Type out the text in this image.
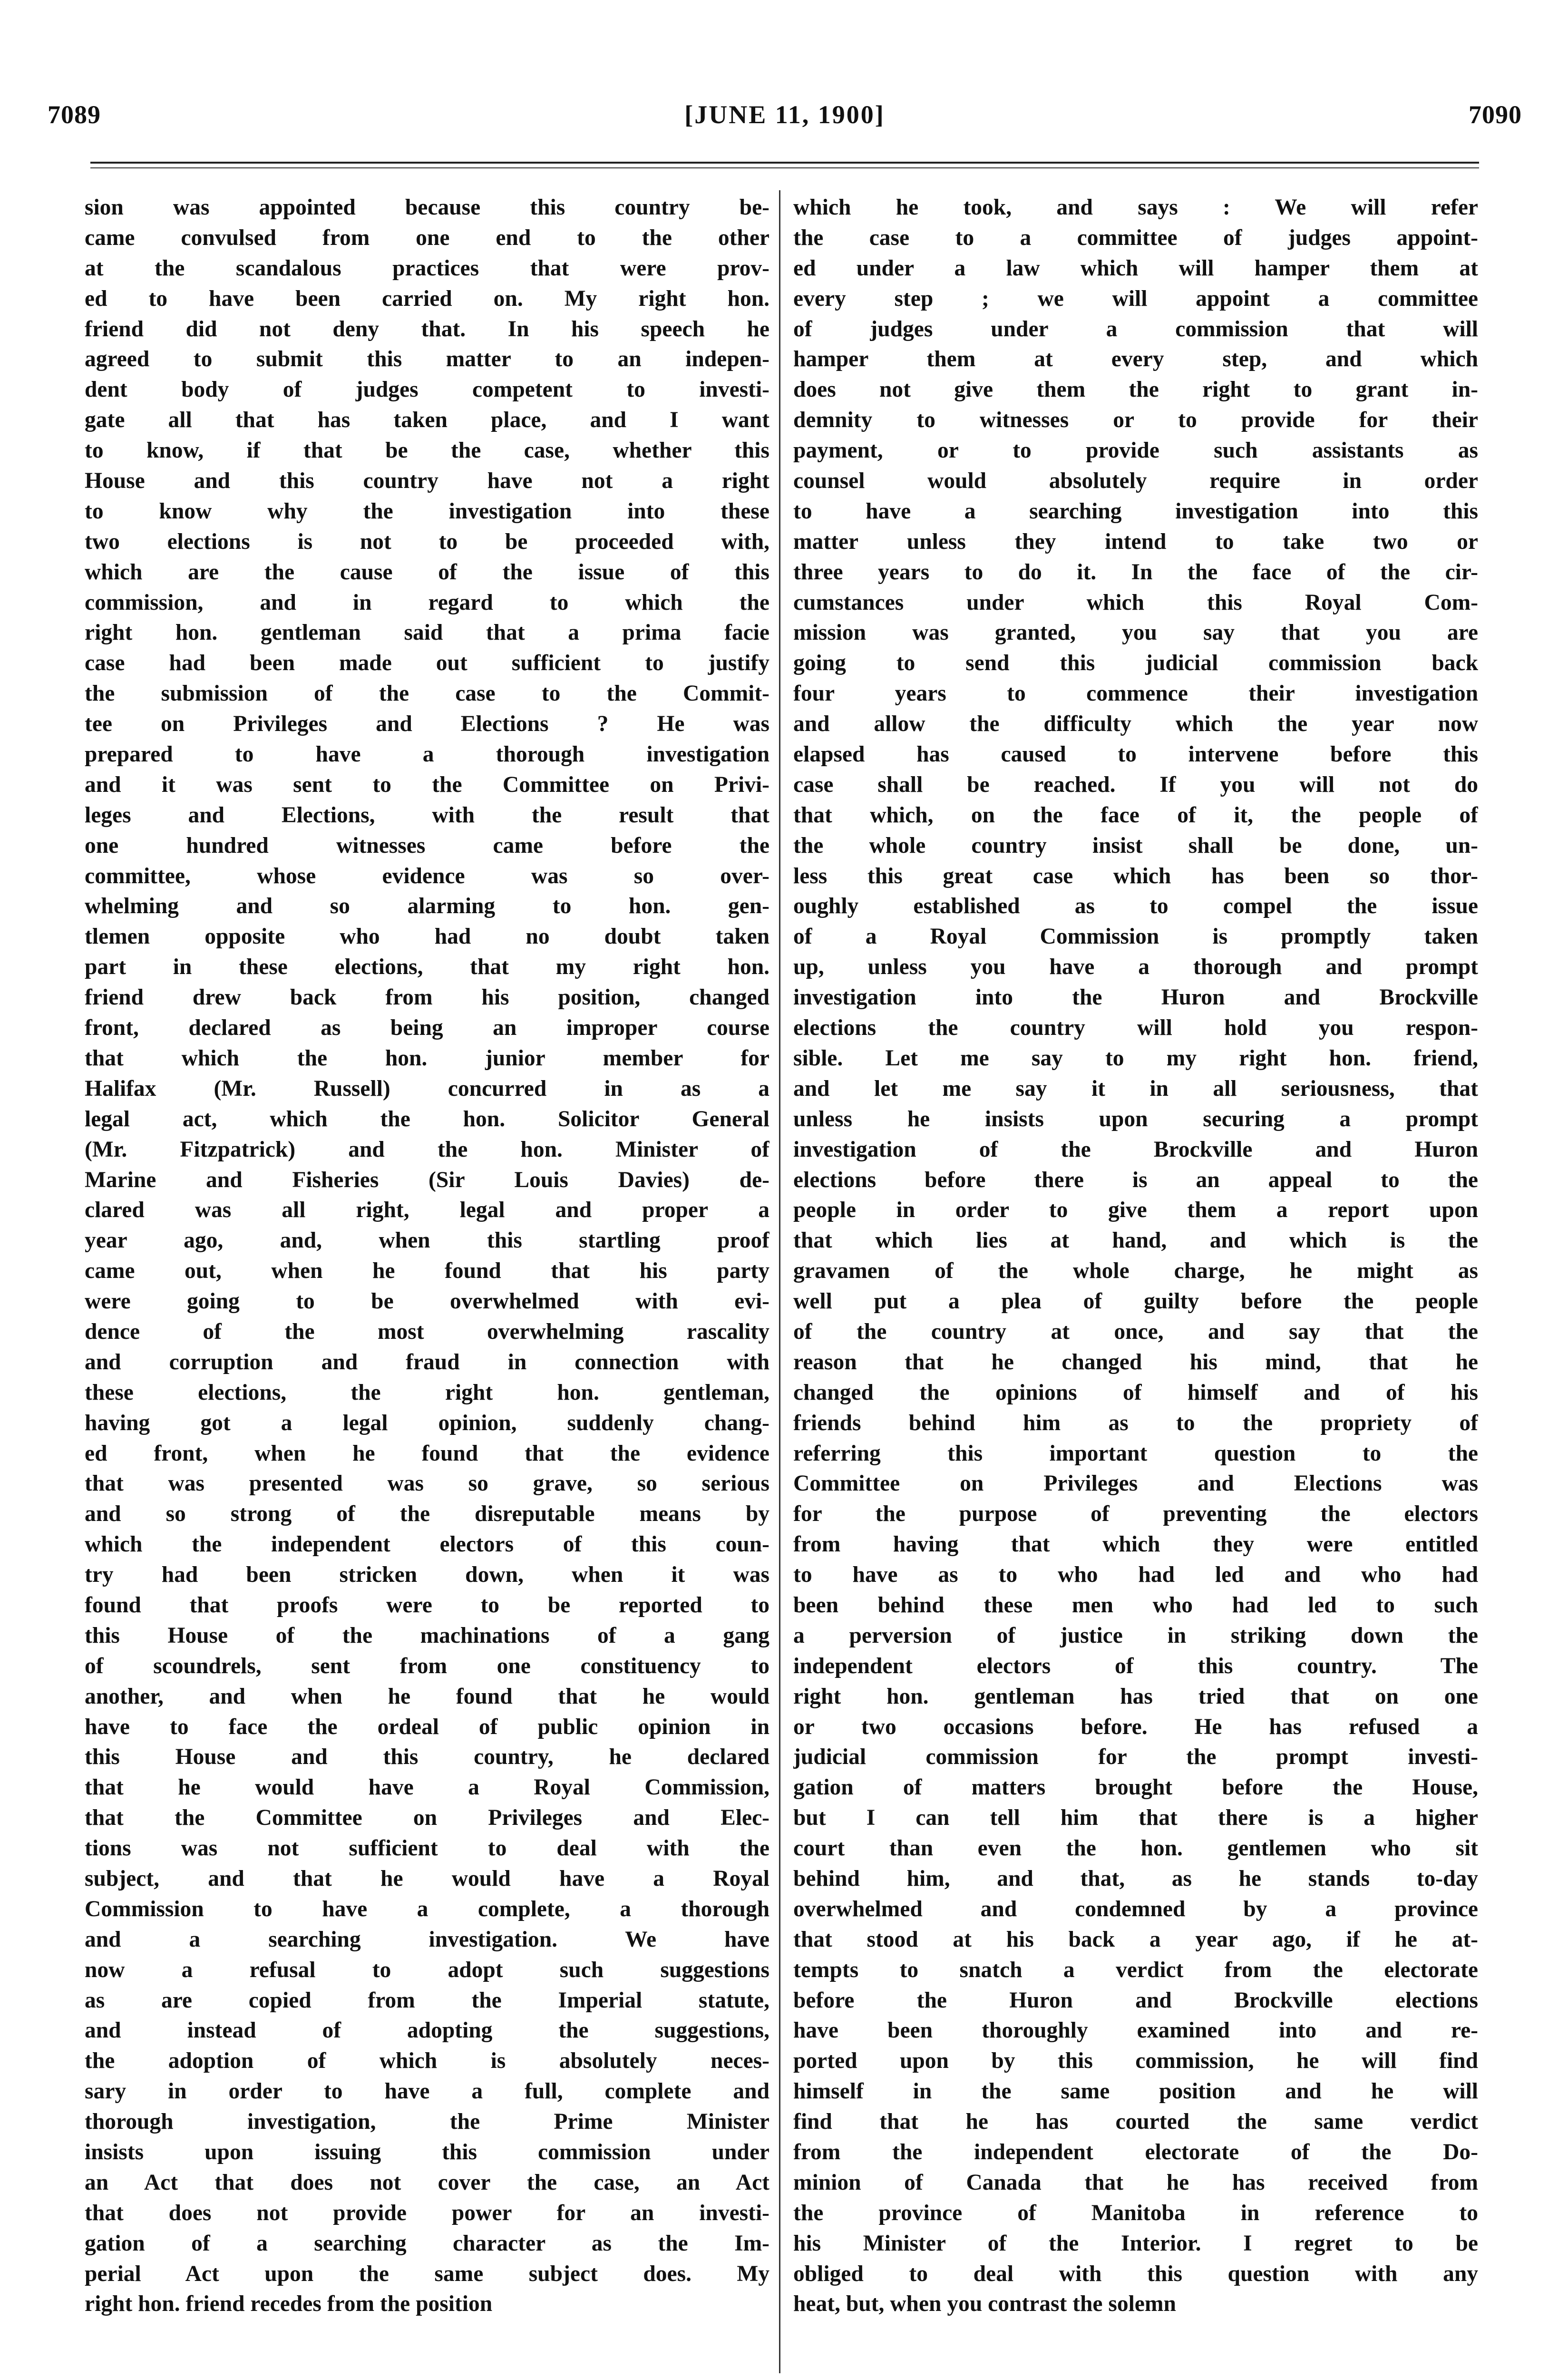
7089	[JUNE 11, 1900]	7090
sion was appointed because this country be-
came convulsed from one end to the other
at the scandalous practices that were prov-
ed to have been carried on. My right hon.
friend did not deny that. In his speech he
agreed to submit this matter to an indepen-
dent body of judges competent to investi-
gate all that has taken place, and I want
to know, if that be the case, whether this
House and this country have not a right
to know why the investigation into these
two elections is not to be proceeded with,
which are the cause of the issue of this
commission, and in regard to which the
right hon. gentleman said that a prima facie
case had been made out sufficient to justify
the submission of the case to the Commit-
tee on Privileges and Elections ? He was
prepared to have a thorough investigation
and it was sent to the Committee on Privi-
leges and Elections, with the result that
one hundred witnesses came before the
committee, whose evidence was so over-
whelming and so alarming to hon. gen-
tlemen opposite who had no doubt taken
part in these elections, that my right hon.
friend drew back from his position, changed
front, declared as being an improper course
that which the hon. junior member for
Halifax (Mr. Russell) concurred in as a
legal act, which the hon. Solicitor General
(Mr. Fitzpatrick) and the hon. Minister of
Marine and Fisheries (Sir Louis Davies) de-
clared was all right, legal and proper a
year ago, and, when this startling proof
came out, when he found that his party
were going to be overwhelmed with evi-
dence of the most overwhelming rascality
and corruption and fraud in connection with
these elections, the right hon. gentleman,
having got a legal opinion, suddenly chang-
ed front, when he found that the evidence
that was presented was so grave, so serious
and so strong of the disreputable means by
which the independent electors of this coun-
try had been stricken down, when it was
found that proofs were to be reported to
this House of the machinations of a gang
of scoundrels, sent from one constituency to
another, and when he found that he would
have to face the ordeal of public opinion in
this House and this country, he declared
that he would have a Royal Commission,
that the Committee on Privileges and Elec-
tions was not sufficient to deal with the
subject, and that he would have a Royal
Commission to have a complete, a thorough
and a searching investigation. We have
now a refusal to adopt such suggestions
as are copied from the Imperial statute,
and instead of adopting the suggestions,
the adoption of which is absolutely neces-
sary in order to have a full, complete and
thorough investigation, the Prime Minister
insists upon issuing this commission under
an Act that does not cover the case, an Act
that does not provide power for an investi-
gation of a searching character as the Im-
perial Act upon the same subject does. My
right hon. friend recedes from the position
which he took, and says : We will refer
the case to a committee of judges appoint-
ed under a law which will hamper them at
every step ; we will appoint a committee
of judges under a commission that will
hamper them at every step, and which
does not give them the right to grant in-
demnity to witnesses or to provide for their
payment, or to provide such assistants as
counsel would absolutely require in order
to have a searching investigation into this
matter unless they intend to take two or
three years to do it. In the face of the cir-
cumstances under which this Royal Com-
mission was granted, you say that you are
going to send this judicial commission back
four years to commence their investigation
and allow the difficulty which the year now
elapsed has caused to intervene before this
case shall be reached. If you will not do
that which, on the face of it, the people of
the whole country insist shall be done, un-
less this great case which has been so thor-
oughly established as to compel the issue
of a Royal Commission is promptly taken
up, unless you have a thorough and prompt
investigation into the Huron and Brockville
elections the country will hold you respon-
sible. Let me say to my right hon. friend,
and let me say it in all seriousness, that
unless he insists upon securing a prompt
investigation of the Brockville and Huron
elections before there is an appeal to the
people in order to give them a report upon
that which lies at hand, and which is the
gravamen of the whole charge, he might as
well put a plea of guilty before the people
of the country at once, and say that the
reason that he changed his mind, that he
changed the opinions of himself and of his
friends behind him as to the propriety of
referring this important question to the
Committee on Privileges and Elections was
for the purpose of preventing the electors
from having that which they were entitled
to have as to who had led and who had
been behind these men who had led to such
a perversion of justice in striking down the
independent electors of this country. The
right hon. gentleman has tried that on one
or two occasions before. He has refused a
judicial commission for the prompt investi-
gation of matters brought before the House,
but I can tell him that there is a higher
court than even the hon. gentlemen who sit
behind him, and that, as he stands to-day
overwhelmed and condemned by a province
that stood at his back a year ago, if he at-
tempts to snatch a verdict from the electorate
before the Huron and Brockville elections
have been thoroughly examined into and re-
ported upon by this commission, he will find
himself in the same position and he will
find that he has courted the same verdict
from the independent electorate of the Do-
minion of Canada that he has received from
the province of Manitoba in reference to
his Minister of the Interior. I regret to be
obliged to deal with this question with any
heat, but, when you contrast the solemn
